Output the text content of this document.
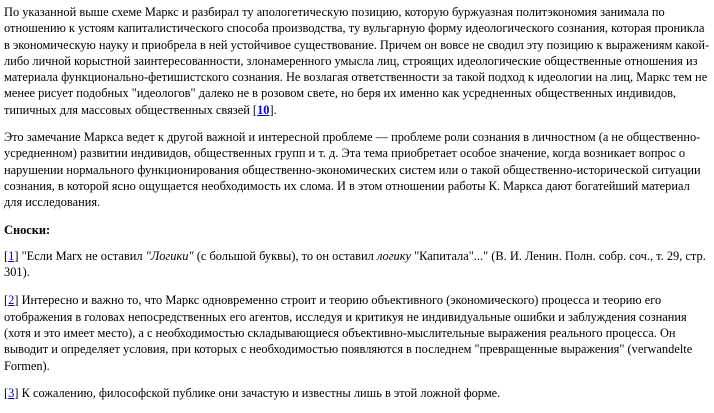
По указанной выше схеме Маркс и разбирал ту апологетическую позицию, которую буржуазная политэкономия занимала по отношению к устоям капиталистического способа производства, ту вульгарную форму идеологического сознания, которая проникла в экономическую науку и приобрела в ней устойчивое существование. Причем он вовсе не сводил эту позицию к выражениям какой-либо личной корыстной заинтересованности, злонамеренного умысла лиц, строящих идеологические общественные отношения из материала функционально-фетишистского сознания. Не возлагая ответственности за такой подход к идеологии на лиц, Маркс тем не менее рисует подобных "идеологов" далеко не в розовом свете, но беря их именно как усредненных общественных индивидов, типичных для массовых общественных связей [10].

Это замечание Маркса ведет к другой важной и интересной проблеме — проблеме роли сознания в личностном (а не общественно-усредненном) развитии индивидов, общественных групп и т. д. Эта тема приобретает особое значение, когда возникает вопрос о нарушении нормального функционирования общественно-экономических систем или о такой общественно-исторической ситуации сознания, в которой ясно ощущается необходимость их слома. И в этом отношении работы К. Маркса дают богатейший материал для исследования.

Сноски:

[1] "Если Marx не оставил "Логики" (с большой буквы), то он оставил логику "Капитала"..." (В. И. Ленин. Полн. собр. соч., т. 29, стр. 301).

[2] Интересно и важно то, что Маркс одновременно строит и теорию объективного (экономического) процесса и теорию его отображения в головах непосредственных его агентов, исследуя и критикуя не индивидуальные ошибки и заблуждения сознания (хотя и это имеет место), а с необходимостью складывающиеся объективно-мыслительные выражения реального процесса. Он выводит и определяет условия, при которых с необходимостью появляются в последнем "превращенные выражения" (verwandelte Formen).

[3] К сожалению, философской публике они зачастую и известны лишь в этой ложной форме.
